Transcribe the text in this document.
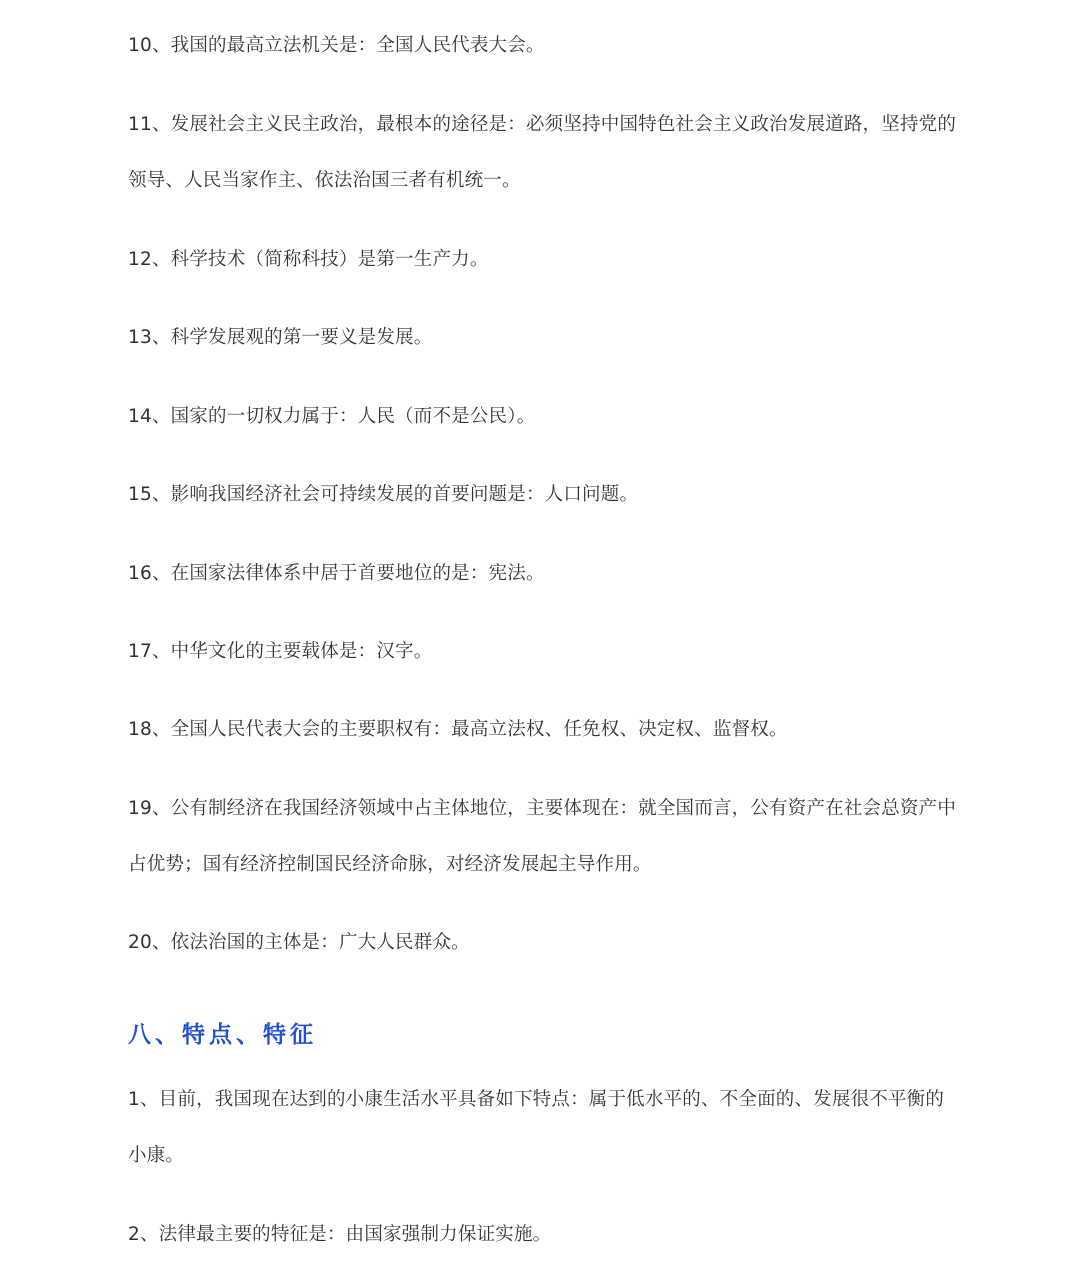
10、我国的最高立法机关是：全国人民代表大会。

11、发展社会主义民主政治，最根本的途径是：必须坚持中国特色社会主义政治发展道路，坚持党的领导、人民当家作主、依法治国三者有机统一。

12、科学技术（简称科技）是第一生产力。

13、科学发展观的第一要义是发展。

14、国家的一切权力属于：人民（而不是公民）。

15、影响我国经济社会可持续发展的首要问题是：人口问题。

16、在国家法律体系中居于首要地位的是：宪法。

17、中华文化的主要载体是：汉字。

18、全国人民代表大会的主要职权有：最高立法权、任免权、决定权、监督权。

19、公有制经济在我国经济领域中占主体地位，主要体现在：就全国而言，公有资产在社会总资产中占优势；国有经济控制国民经济命脉，对经济发展起主导作用。

20、依法治国的主体是：广大人民群众。

八、特点、特征

1、目前，我国现在达到的小康生活水平具备如下特点：属于低水平的、不全面的、发展很不平衡的小康。

2、法律最主要的特征是：由国家强制力保证实施。
